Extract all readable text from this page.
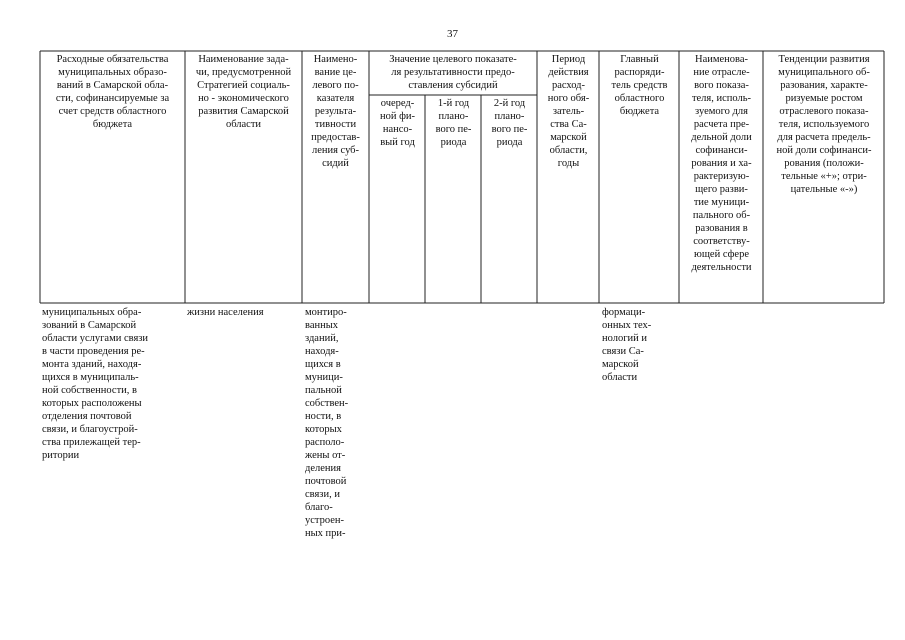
37
Расходные обязательства
муниципальных образо-
ваний в Самарской обла-
сти, софинансируемые за
счет средств областного
бюджета
Наименование зада-
чи, предусмотренной
Стратегией социаль-
но - экономического
развития Самарской
области
Наимено-
вание це-
левого по-
казателя
результа-
тивности
предостав-
ления суб-
сидий
Значение целевого показате-
ля результативности предо-
ставления субсидий
очеред-
ной фи-
нансо-
вый год
1-й год
плано-
вого пе-
риода
2-й год
плано-
вого пе-
риода
Период
действия
расход-
ного обя-
затель-
ства Са-
марской
области,
годы
Главный
распоряди-
тель средств
областного
бюджета
Наименова-
ние отрасле-
вого показа-
теля, исполь-
зуемого для
расчета пре-
дельной доли
софинанси-
рования и ха-
рактеризую-
щего разви-
тие муници-
пального об-
разования в
соответству-
ющей сфере
деятельности
Тенденции развития
муниципального об-
разования, характе-
ризуемые ростом
отраслевого показа-
теля, используемого
для расчета предель-
ной доли софинанси-
рования (положи-
тельные «+»; отри-
цательные «-»)
муниципальных обра-
зований в Самарской
области услугами связи
в части проведения ре-
монта зданий, находя-
щихся в муниципаль-
ной собственности, в
которых расположены
отделения почтовой
связи, и благоустрой-
ства прилежащей тер-
ритории
жизни населения	монтиро-
ванных
зданий,
находя-
щихся в
муници-
пальной
собствен-
ности, в
которых
располо-
жены от-
деления
почтовой
связи, и
благо-
устроен-
ных при-
формаци-
онных тех-
нологий и
связи Са-
марской
области
